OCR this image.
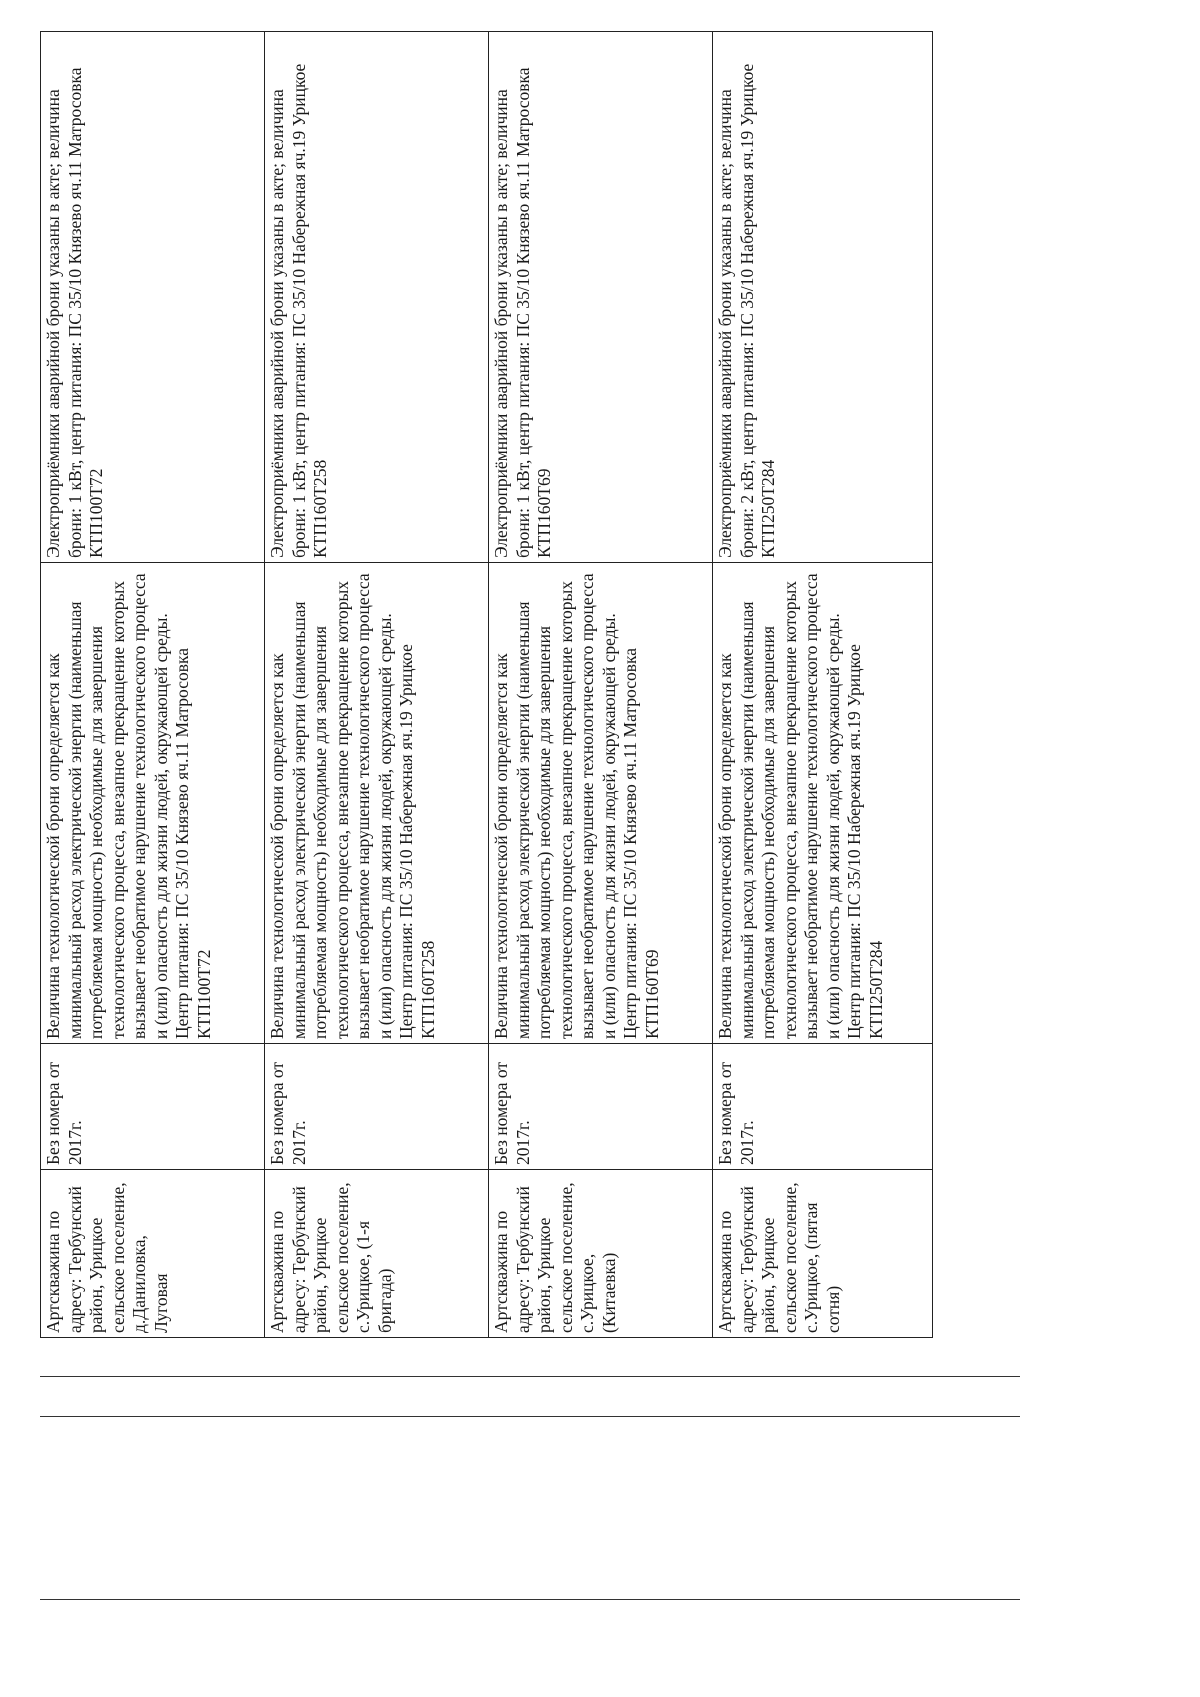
Артскважина по адресу: Тербунский район, Урицкое сельское поселение, д.Даниловка, Луговая	Без номера от 2017г.	Величина технологической брони определяется как минимальный расход электрической энергии (наименьшая потребляемая мощность) необходимые для завершения технологического процесса, внезапное прекращение которых вызывает необратимое нарушение технологического процесса и (или) опасность для жизни людей, окружающей среды. Центр питания: ПС 35/10 Князево яч.11 Матросовка КТП100Т72	Электроприёмники аварийной брони указаны в акте; величина брони: 1 кВт, центр питания: ПС 35/10 Князево яч.11 Матросовка КТП100Т72
Артскважина по адресу: Тербунский район, Урицкое сельское поселение, с.Урицкое, (1-я бригада)	Без номера от 2017г.	Величина технологической брони определяется как минимальный расход электрической энергии (наименьшая потребляемая мощность) необходимые для завершения технологического процесса, внезапное прекращение которых вызывает необратимое нарушение технологического процесса и (или) опасность для жизни людей, окружающей среды. Центр питания: ПС 35/10 Набережная яч.19 Урицкое КТП160Т258	Электроприёмники аварийной брони указаны в акте; величина брони: 1 кВт, центр питания: ПС 35/10 Набережная яч.19 Урицкое КТП160Т258
Артскважина по адресу: Тербунский район, Урицкое сельское поселение, с.Урицкое, (Китаевка)	Без номера от 2017г.	Величина технологической брони определяется как минимальный расход электрической энергии (наименьшая потребляемая мощность) необходимые для завершения технологического процесса, внезапное прекращение которых вызывает необратимое нарушение технологического процесса и (или) опасность для жизни людей, окружающей среды. Центр питания: ПС 35/10 Князево яч.11 Матросовка КТП160Т69	Электроприёмники аварийной брони указаны в акте; величина брони: 1 кВт, центр питания: ПС 35/10 Князево яч.11 Матросовка КТП160Т69
Артскважина по адресу: Тербунский район, Урицкое сельское поселение, с.Урицкое, (пятая сотня)	Без номера от 2017г.	Величина технологической брони определяется как минимальный расход электрической энергии (наименьшая потребляемая мощность) необходимые для завершения технологического процесса, внезапное прекращение которых вызывает необратимое нарушение технологического процесса и (или) опасность для жизни людей, окружающей среды. Центр питания: ПС 35/10 Набережная яч.19 Урицкое КТП250Т284	Электроприёмники аварийной брони указаны в акте; величина брони: 2 кВт, центр питания: ПС 35/10 Набережная яч.19 Урицкое КТП250Т284
